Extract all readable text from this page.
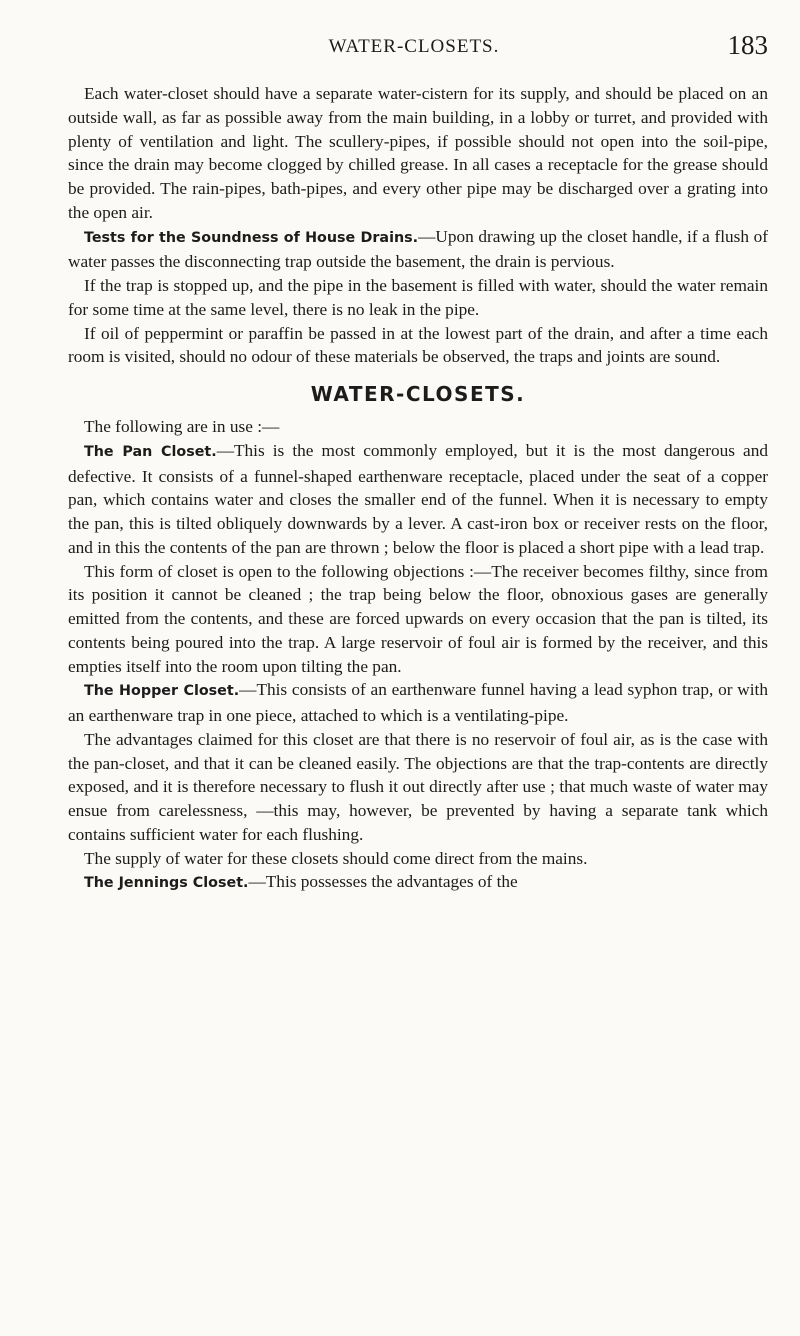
WATER-CLOSETS.	183

Each water-closet should have a separate water-cistern for its supply, and should be placed on an outside wall, as far as possible away from the main building, in a lobby or turret, and provided with plenty of ventilation and light. The scullery-pipes, if possible should not open into the soil-pipe, since the drain may become clogged by chilled grease. In all cases a receptacle for the grease should be provided. The rain-pipes, bath-pipes, and every other pipe may be discharged over a grating into the open air.

Tests for the Soundness of House Drains.—Upon drawing up the closet handle, if a flush of water passes the disconnecting trap outside the basement, the drain is pervious.

If the trap is stopped up, and the pipe in the basement is filled with water, should the water remain for some time at the same level, there is no leak in the pipe.

If oil of peppermint or paraffin be passed in at the lowest part of the drain, and after a time each room is visited, should no odour of these materials be observed, the traps and joints are sound.

WATER-CLOSETS.

The following are in use :—

The Pan Closet.—This is the most commonly employed, but it is the most dangerous and defective. It consists of a funnel-shaped earthenware receptacle, placed under the seat of a copper pan, which contains water and closes the smaller end of the funnel. When it is necessary to empty the pan, this is tilted obliquely downwards by a lever. A cast-iron box or receiver rests on the floor, and in this the contents of the pan are thrown ; below the floor is placed a short pipe with a lead trap.

This form of closet is open to the following objections :—The receiver becomes filthy, since from its position it cannot be cleaned ; the trap being below the floor, obnoxious gases are generally emitted from the contents, and these are forced upwards on every occasion that the pan is tilted, its contents being poured into the trap. A large reservoir of foul air is formed by the receiver, and this empties itself into the room upon tilting the pan.

The Hopper Closet.—This consists of an earthenware funnel having a lead syphon trap, or with an earthenware trap in one piece, attached to which is a ventilating-pipe.

The advantages claimed for this closet are that there is no reservoir of foul air, as is the case with the pan-closet, and that it can be cleaned easily. The objections are that the trap-contents are directly exposed, and it is therefore necessary to flush it out directly after use ; that much waste of water may ensue from carelessness, —this may, however, be prevented by having a separate tank which contains sufficient water for each flushing.

The supply of water for these closets should come direct from the mains.

The Jennings Closet.—This possesses the advantages of the
